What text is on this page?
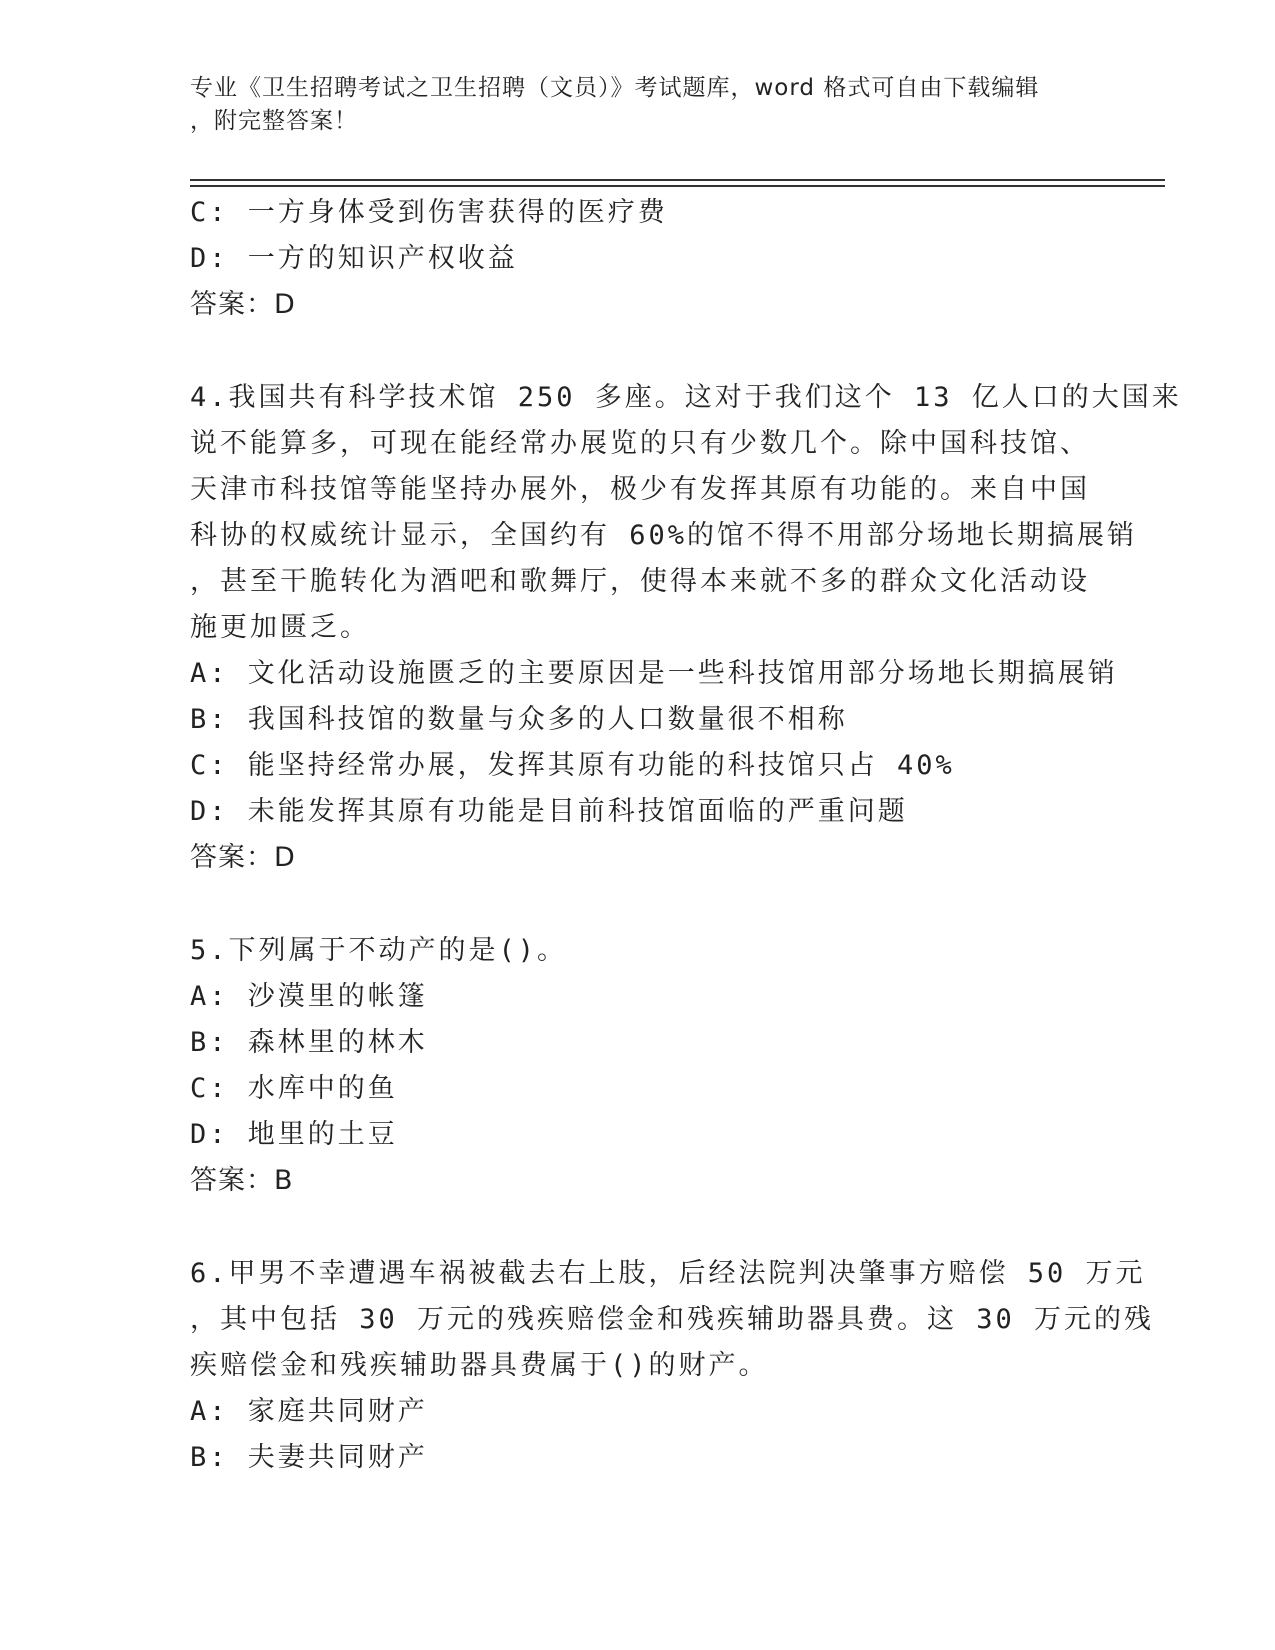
专业《卫生招聘考试之卫生招聘（文员）》考试题库，word 格式可自由下载编辑
，附完整答案！
C: 一方身体受到伤害获得的医疗费
D: 一方的知识产权收益
答案：D
4.我国共有科学技术馆 250 多座。这对于我们这个 13 亿人口的大国来
说不能算多，可现在能经常办展览的只有少数几个。除中国科技馆、
天津市科技馆等能坚持办展外，极少有发挥其原有功能的。来自中国
科协的权威统计显示，全国约有 60%的馆不得不用部分场地长期搞展销
，甚至干脆转化为酒吧和歌舞厅，使得本来就不多的群众文化活动设
施更加匮乏。
A: 文化活动设施匮乏的主要原因是一些科技馆用部分场地长期搞展销
B: 我国科技馆的数量与众多的人口数量很不相称
C: 能坚持经常办展，发挥其原有功能的科技馆只占 40%
D: 未能发挥其原有功能是目前科技馆面临的严重问题
答案：D
5.下列属于不动产的是()。
A: 沙漠里的帐篷
B: 森林里的林木
C: 水库中的鱼
D: 地里的土豆
答案：B
6.甲男不幸遭遇车祸被截去右上肢，后经法院判决肇事方赔偿 50 万元
，其中包括 30 万元的残疾赔偿金和残疾辅助器具费。这 30 万元的残
疾赔偿金和残疾辅助器具费属于()的财产。
A: 家庭共同财产
B: 夫妻共同财产
